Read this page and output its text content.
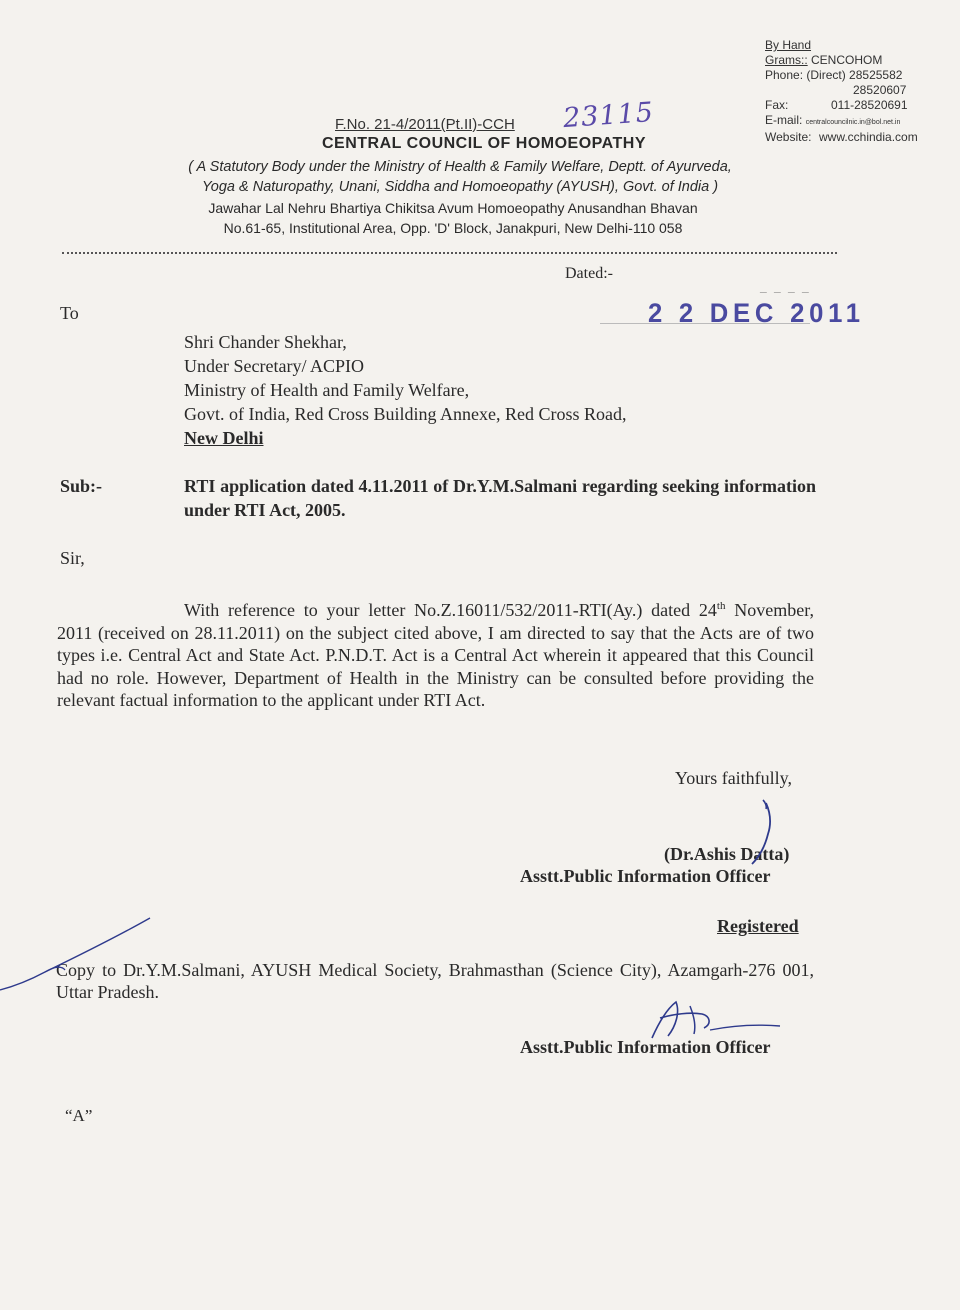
By Hand
Grams:: CENCOHOM
Phone: (Direct) 28525582
28520607
Fax:	011-28520691
E-mail: centralcouncilnic.in@bol.net.in
Website: www.cchindia.com
F.No. 21-4/2011(Pt.II)-CCH 23115
CENTRAL COUNCIL OF HOMOEOPATHY
( A Statutory Body under the Ministry of Health & Family Welfare, Deptt. of Ayurveda,
Yoga & Naturopathy, Unani, Siddha and Homoeopathy (AYUSH), Govt. of India )
Jawahar Lal Nehru Bhartiya Chikitsa Avum Homoeopathy Anusandhan Bhavan
No.61-65, Institutional Area, Opp. 'D' Block, Janakpuri, New Delhi-110 058
Dated:-
_ _ _ _
2 2 DEC 2011
To
Shri Chander Shekhar,
Under Secretary/ ACPIO
Ministry of Health and Family Welfare,
Govt. of India, Red Cross Building Annexe, Red Cross Road,
New Delhi
Sub:-	RTI application dated 4.11.2011 of Dr.Y.M.Salmani regarding seeking information under RTI Act, 2005.
Sir,
With reference to your letter No.Z.16011/532/2011-RTI(Ay.) dated 24th November, 2011 (received on 28.11.2011) on the subject cited above, I am directed to say that the Acts are of two types i.e. Central Act and State Act. P.N.D.T. Act is a Central Act wherein it appeared that this Council had no role. However, Department of Health in the Ministry can be consulted before providing the relevant factual information to the applicant under RTI Act.
Yours faithfully,
(Dr.Ashis Datta)
Asstt.Public Information Officer
Registered
Copy to Dr.Y.M.Salmani, AYUSH Medical Society, Brahmasthan (Science City), Azamgarh-276 001, Uttar Pradesh.
Asstt.Public Information Officer
“A”
